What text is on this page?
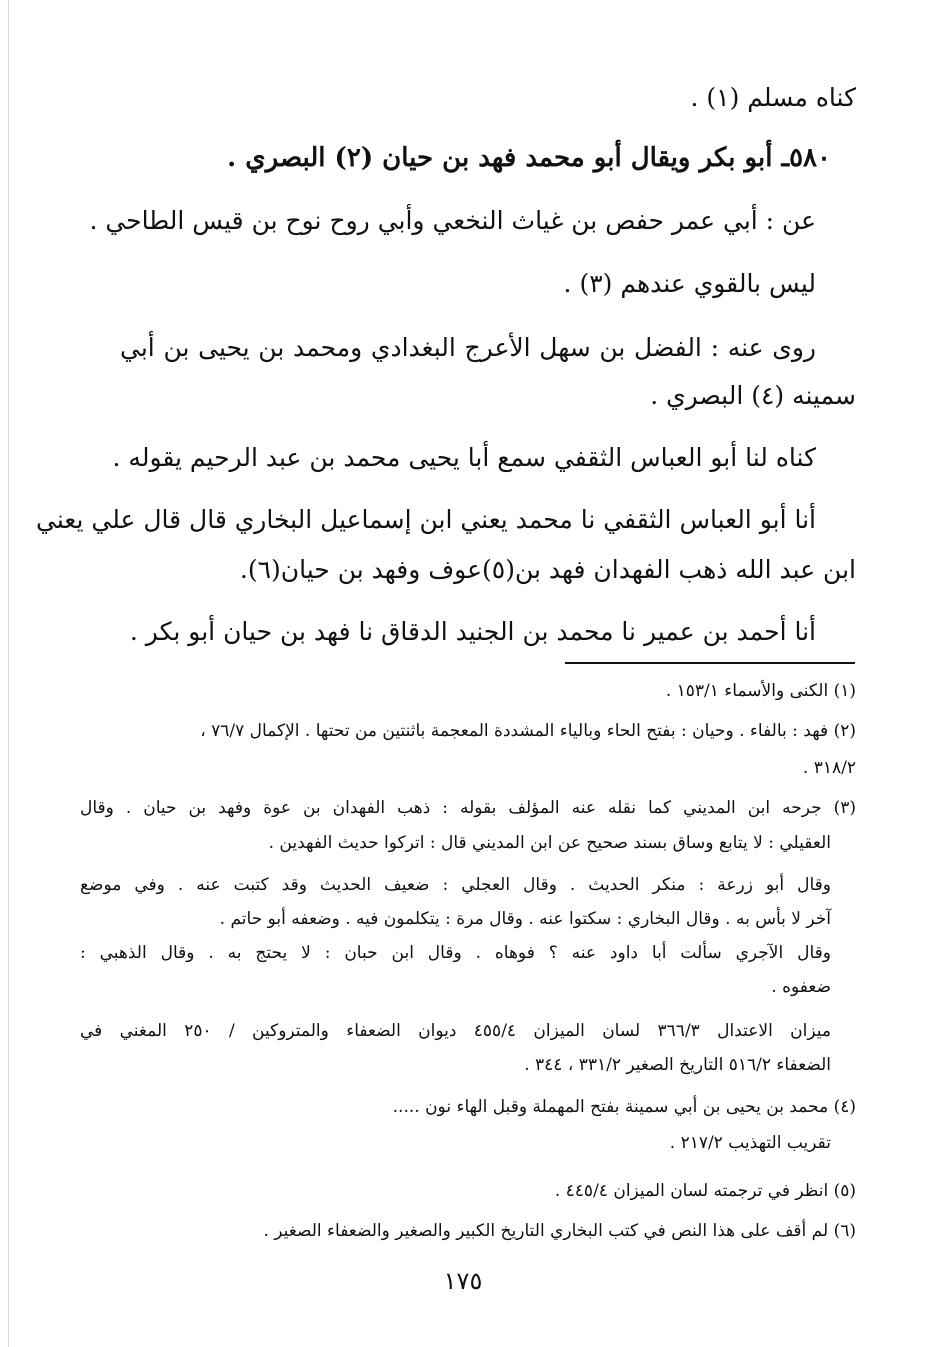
كناه مسلم (١) .
٥٨٠ـ أبو بكر ويقال أبو محمد فهد بن حيان (٢) البصري .
عن : أبي عمر حفص بن غياث النخعي وأبي روح نوح بن قيس الطاحي .
ليس بالقوي عندهم (٣) .
روى عنه : الفضل بن سهل الأعرج البغدادي ومحمد بن يحيى بن أبي
سمينه (٤) البصري .
كناه لنا أبو العباس الثقفي سمع أبا يحيى محمد بن عبد الرحيم يقوله .
أنا أبو العباس الثقفي نا محمد يعني ابن إسماعيل البخاري قال قال علي يعني
ابن عبد الله ذهب الفهدان فهد بن(٥)عوف وفهد بن حيان(٦).
أنا أحمد بن عمير نا محمد بن الجنيد الدقاق نا فهد بن حيان أبو بكر .
(١) الكنى والأسماء ١٥٣/١ .
(٢) فهد : بالفاء . وحيان : بفتح الحاء وبالياء المشددة المعجمة باثنتين من تحتها . الإكمال ٧٦/٧ ،
٣١٨/٢ .
(٣) جرحه ابن المديني كما نقله عنه المؤلف بقوله : ذهب الفهدان بن عوة وفهد بن حيان . وقال
العقيلي : لا يتابع وساق بسند صحيح عن ابن المديني قال : اتركوا حديث الفهدين .
وقال أبو زرعة : منكر الحديث . وقال العجلي : ضعيف الحديث وقد كتبت عنه . وفي موضع
آخر لا بأس به . وقال البخاري : سكتوا عنه . وقال مرة : يتكلمون فيه . وضعفه أبو حاتم .
وقال الآجري سألت أبا داود عنه ؟ فوهاه . وقال ابن حبان : لا يحتج به . وقال الذهبي :
ضعفوه .
ميزان الاعتدال ٣٦٦/٣ لسان الميزان ٤٥٥/٤ ديوان الضعفاء والمتروكين / ٢٥٠ المغني في
الضعفاء ٥١٦/٢ التاريخ الصغير ٣٣١/٢ ، ٣٤٤ .
(٤) محمد بن يحيى بن أبي سمينة بفتح المهملة وقبل الهاء نون .....
تقريب التهذيب ٢١٧/٢ .
(٥) انظر في ترجمته لسان الميزان ٤٤٥/٤ .
(٦) لم أقف على هذا النص في كتب البخاري التاريخ الكبير والصغير والضعفاء الصغير .
١٧٥
